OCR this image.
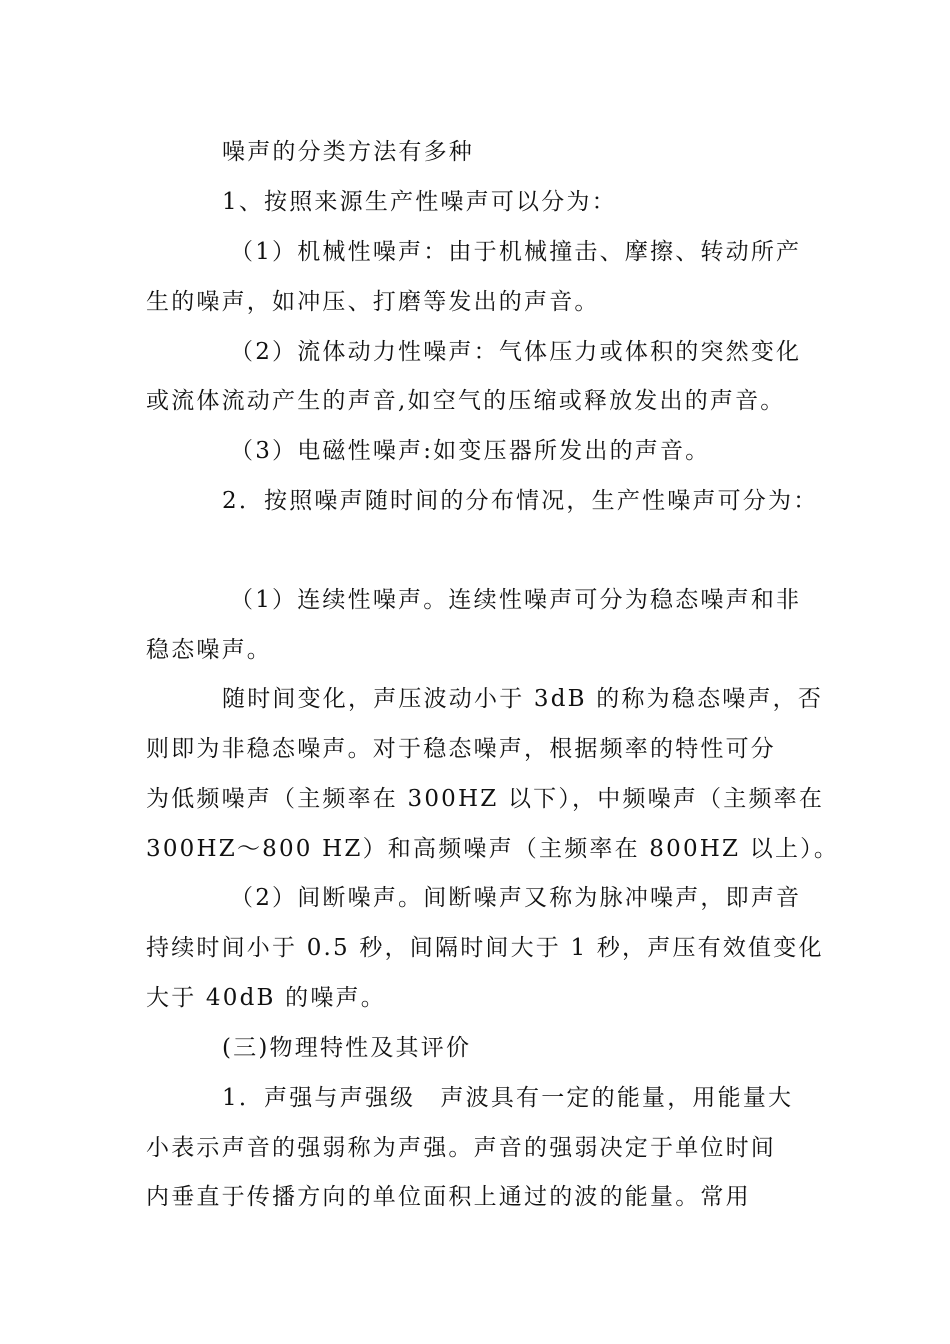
噪声的分类方法有多种
1、按照来源生产性噪声可以分为：
（1）机械性噪声：由于机械撞击、摩擦、转动所产
生的噪声，如冲压、打磨等发出的声音。
（2）流体动力性噪声：气体压力或体积的突然变化
或流体流动产生的声音,如空气的压缩或释放发出的声音。
（3）电磁性噪声:如变压器所发出的声音。
2．按照噪声随时间的分布情况，生产性噪声可分为：
（1）连续性噪声。连续性噪声可分为稳态噪声和非
稳态噪声。
随时间变化，声压波动小于 3dB 的称为稳态噪声，否
则即为非稳态噪声。对于稳态噪声，根据频率的特性可分
为低频噪声（主频率在 300HZ 以下），中频噪声（主频率在
300HZ～800 HZ）和高频噪声（主频率在 800HZ 以上）。
（2）间断噪声。间断噪声又称为脉冲噪声，即声音
持续时间小于 0.5 秒，间隔时间大于 1 秒，声压有效值变化
大于 40dB 的噪声。
(三)物理特性及其评价
1．声强与声强级　声波具有一定的能量，用能量大
小表示声音的强弱称为声强。声音的强弱决定于单位时间
内垂直于传播方向的单位面积上通过的波的能量。常用
